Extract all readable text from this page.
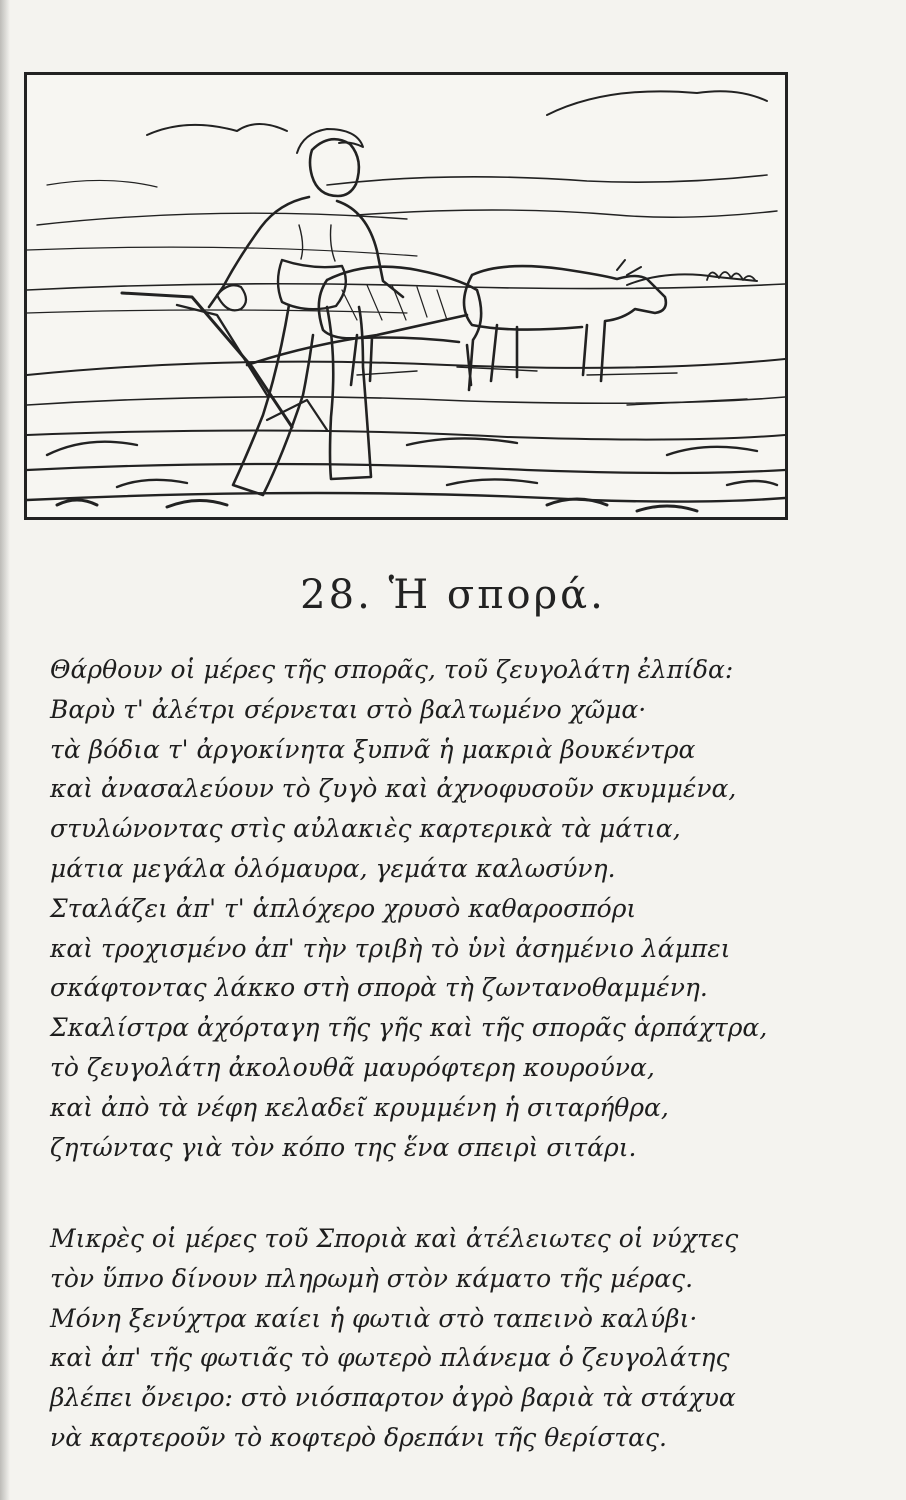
28. Ἡ σπορά.
Θάρθουν οἱ μέρες τῆς σπορᾶς, τοῦ ζευγολάτη ἐλπίδα:
Βαρὺ τ' ἀλέτρι σέρνεται στὸ βαλτωμένο χῶμα·
τὰ βόδια τ' ἀργοκίνητα ξυπνᾶ ἡ μακριὰ βουκέντρα
καὶ ἀνασαλεύουν τὸ ζυγὸ καὶ ἀχνοφυσοῦν σκυμμένα,
στυλώνοντας στὶς αὐλακιὲς καρτερικὰ τὰ μάτια,
μάτια μεγάλα ὁλόμαυρα, γεμάτα καλωσύνη.
Σταλάζει ἀπ' τ' ἁπλόχερο χρυσὸ καθαροσπόρι
καὶ τροχισμένο ἀπ' τὴν τριβὴ τὸ ὑνὶ ἀσημένιο λάμπει
σκάφτοντας λάκκο στὴ σπορὰ τὴ ζωντανοθαμμένη.
Σκαλίστρα ἀχόρταγη τῆς γῆς καὶ τῆς σπορᾶς ἁρπάχτρα,
τὸ ζευγολάτη ἀκολουθᾶ μαυρόφτερη κουρούνα,
καὶ ἀπὸ τὰ νέφη κελαδεῖ κρυμμένη ἡ σιταρήθρα,
ζητώντας γιὰ τὸν κόπο της ἕνα σπειρὶ σιτάρι.
Μικρὲς οἱ μέρες τοῦ Σποριὰ καὶ ἀτέλειωτες οἱ νύχτες
τὸν ὕπνο δίνουν πληρωμὴ στὸν κάματο τῆς μέρας.
Μόνη ξενύχτρα καίει ἡ φωτιὰ στὸ ταπεινὸ καλύβι·
καὶ ἀπ' τῆς φωτιᾶς τὸ φωτερὸ πλάνεμα ὁ ζευγολάτης
βλέπει ὄνειρο: στὸ νιόσπαρτον ἀγρὸ βαριὰ τὰ στάχυα
νὰ καρτεροῦν τὸ κοφτερὸ δρεπάνι τῆς θερίστας.
